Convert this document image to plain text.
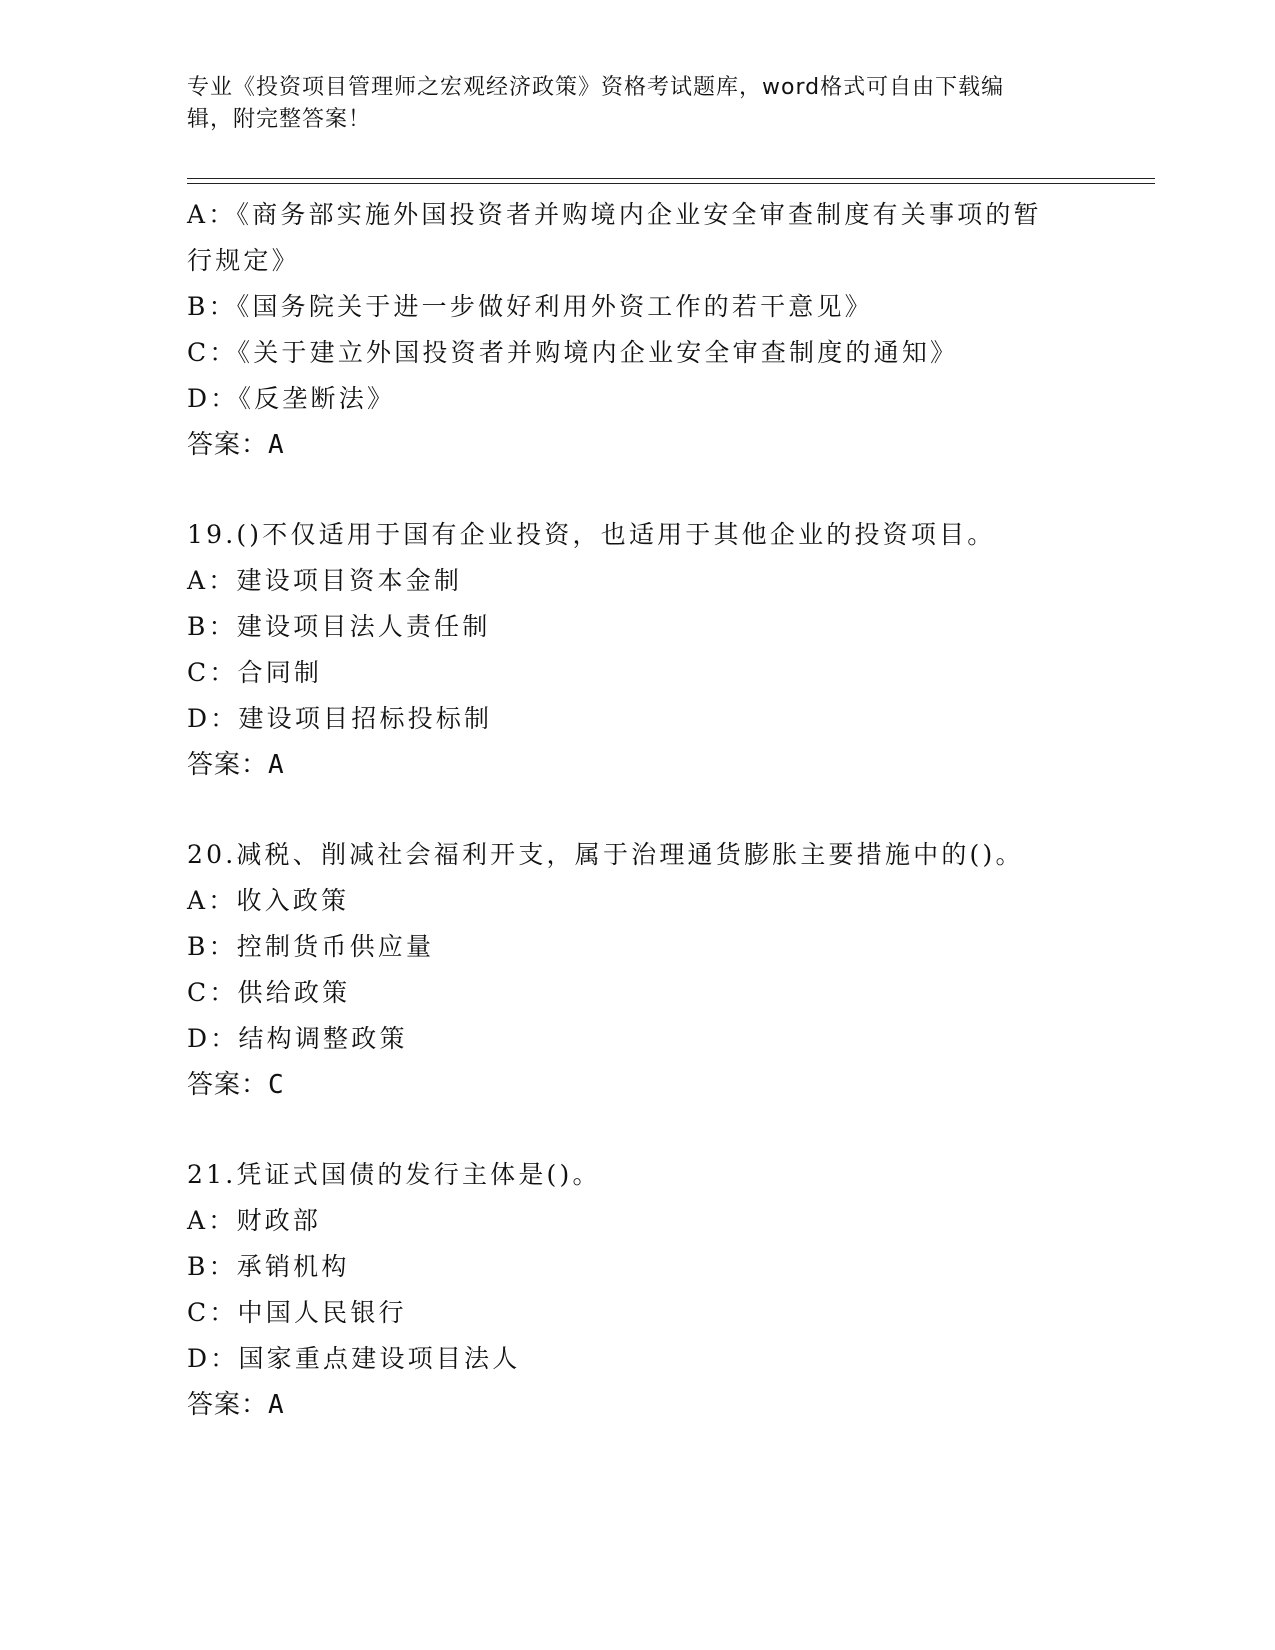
专业《投资项目管理师之宏观经济政策》资格考试题库，word格式可自由下载编
辑，附完整答案！
A：《商务部实施外国投资者并购境内企业安全审查制度有关事项的暂
行规定》
B：《国务院关于进一步做好利用外资工作的若干意见》
C：《关于建立外国投资者并购境内企业安全审查制度的通知》
D：《反垄断法》
答案：A
19.()不仅适用于国有企业投资，也适用于其他企业的投资项目。
A：建设项目资本金制
B：建设项目法人责任制
C：合同制
D：建设项目招标投标制
答案：A
20.减税、削减社会福利开支，属于治理通货膨胀主要措施中的()。
A：收入政策
B：控制货币供应量
C：供给政策
D：结构调整政策
答案：C
21.凭证式国债的发行主体是()。
A：财政部
B：承销机构
C：中国人民银行
D：国家重点建设项目法人
答案：A
